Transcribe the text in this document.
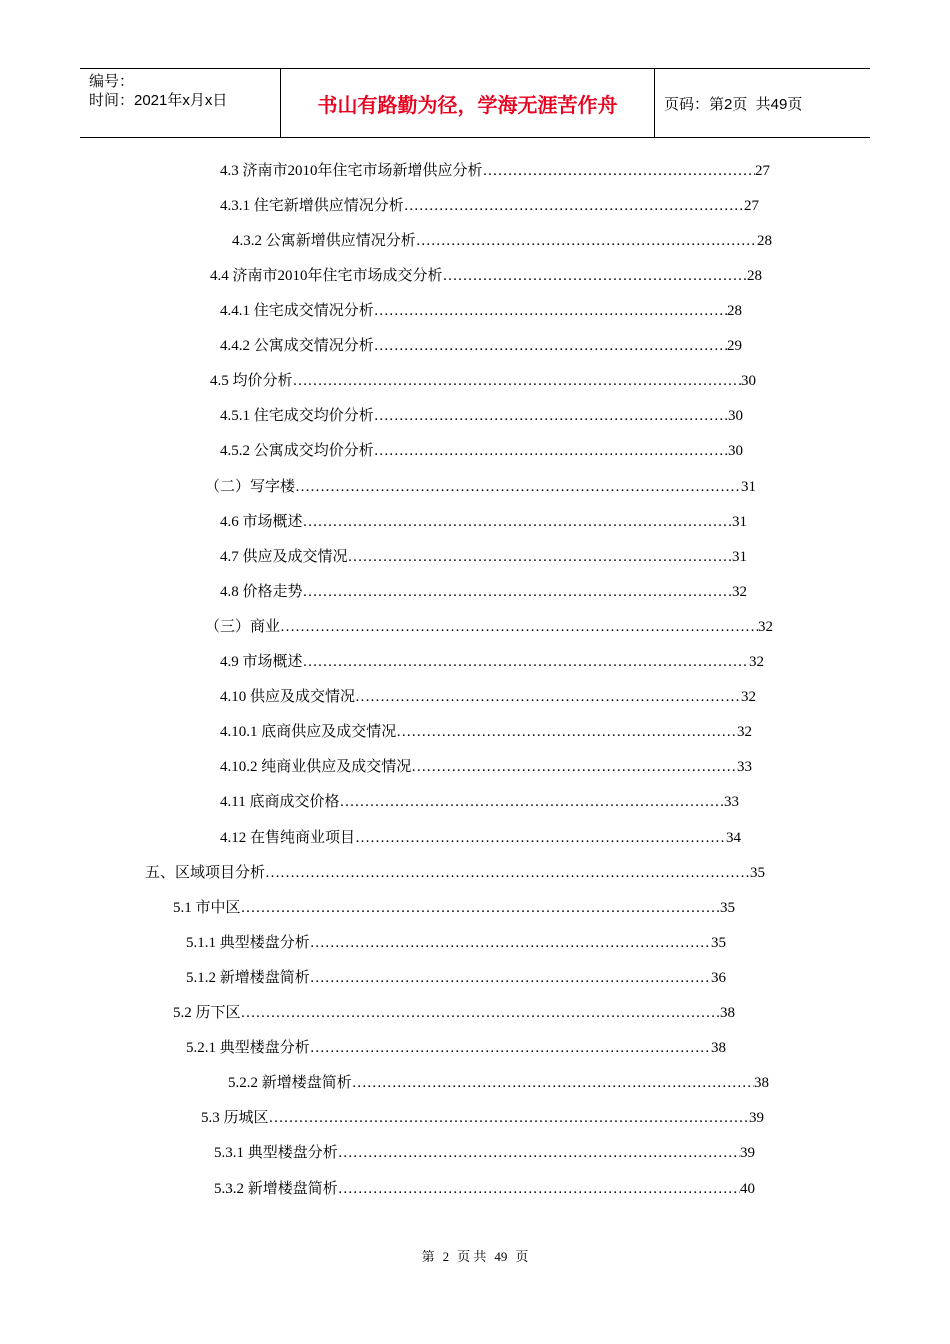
编号：
时间：2021年x月x日	书山有路勤为径，学海无涯苦作舟	页码：第2页  共49页
4.3 济南市2010年住宅市场新增供应分析 ………………………………………………………………………………………………………………………………………………………………………………………………………………………………	27
4.3.1 住宅新增供应情况分析 ………………………………………………………………………………………………………………………………………………………………………………………………………………………………	27
4.3.2 公寓新增供应情况分析 ………………………………………………………………………………………………………………………………………………………………………………………………………………………………	28
4.4 济南市2010年住宅市场成交分析 ………………………………………………………………………………………………………………………………………………………………………………………………………………………………	28
4.4.1 住宅成交情况分析 ………………………………………………………………………………………………………………………………………………………………………………………………………………………………	28
4.4.2 公寓成交情况分析 ………………………………………………………………………………………………………………………………………………………………………………………………………………………………	29
4.5 均价分析 ………………………………………………………………………………………………………………………………………………………………………………………………………………………………	30
4.5.1 住宅成交均价分析 ………………………………………………………………………………………………………………………………………………………………………………………………………………………………	30
4.5.2 公寓成交均价分析 ………………………………………………………………………………………………………………………………………………………………………………………………………………………………	30
（二）写字楼 ………………………………………………………………………………………………………………………………………………………………………………………………………………………………	31
4.6 市场概述 ………………………………………………………………………………………………………………………………………………………………………………………………………………………………	31
4.7 供应及成交情况 ………………………………………………………………………………………………………………………………………………………………………………………………………………………………	31
4.8 价格走势 ………………………………………………………………………………………………………………………………………………………………………………………………………………………………	32
（三）商业 ………………………………………………………………………………………………………………………………………………………………………………………………………………………………	32
4.9 市场概述 ………………………………………………………………………………………………………………………………………………………………………………………………………………………………	32
4.10 供应及成交情况 ………………………………………………………………………………………………………………………………………………………………………………………………………………………………	32
4.10.1 底商供应及成交情况 ………………………………………………………………………………………………………………………………………………………………………………………………………………………………	32
4.10.2 纯商业供应及成交情况 ………………………………………………………………………………………………………………………………………………………………………………………………………………………………	33
4.11 底商成交价格 ………………………………………………………………………………………………………………………………………………………………………………………………………………………………	33
4.12 在售纯商业项目 ………………………………………………………………………………………………………………………………………………………………………………………………………………………………	34
五、区域项目分析 ………………………………………………………………………………………………………………………………………………………………………………………………………………………………	35
5.1 市中区 ………………………………………………………………………………………………………………………………………………………………………………………………………………………………	35
5.1.1 典型楼盘分析 ………………………………………………………………………………………………………………………………………………………………………………………………………………………………	35
5.1.2 新增楼盘简析 ………………………………………………………………………………………………………………………………………………………………………………………………………………………………	36
5.2 历下区 ………………………………………………………………………………………………………………………………………………………………………………………………………………………………	38
5.2.1 典型楼盘分析 ………………………………………………………………………………………………………………………………………………………………………………………………………………………………	38
5.2.2 新增楼盘简析 ………………………………………………………………………………………………………………………………………………………………………………………………………………………………	38
5.3 历城区 ………………………………………………………………………………………………………………………………………………………………………………………………………………………………	39
5.3.1 典型楼盘分析 ………………………………………………………………………………………………………………………………………………………………………………………………………………………………	39
5.3.2 新增楼盘简析 ………………………………………………………………………………………………………………………………………………………………………………………………………………………………	40
第 2 页 共 49 页
